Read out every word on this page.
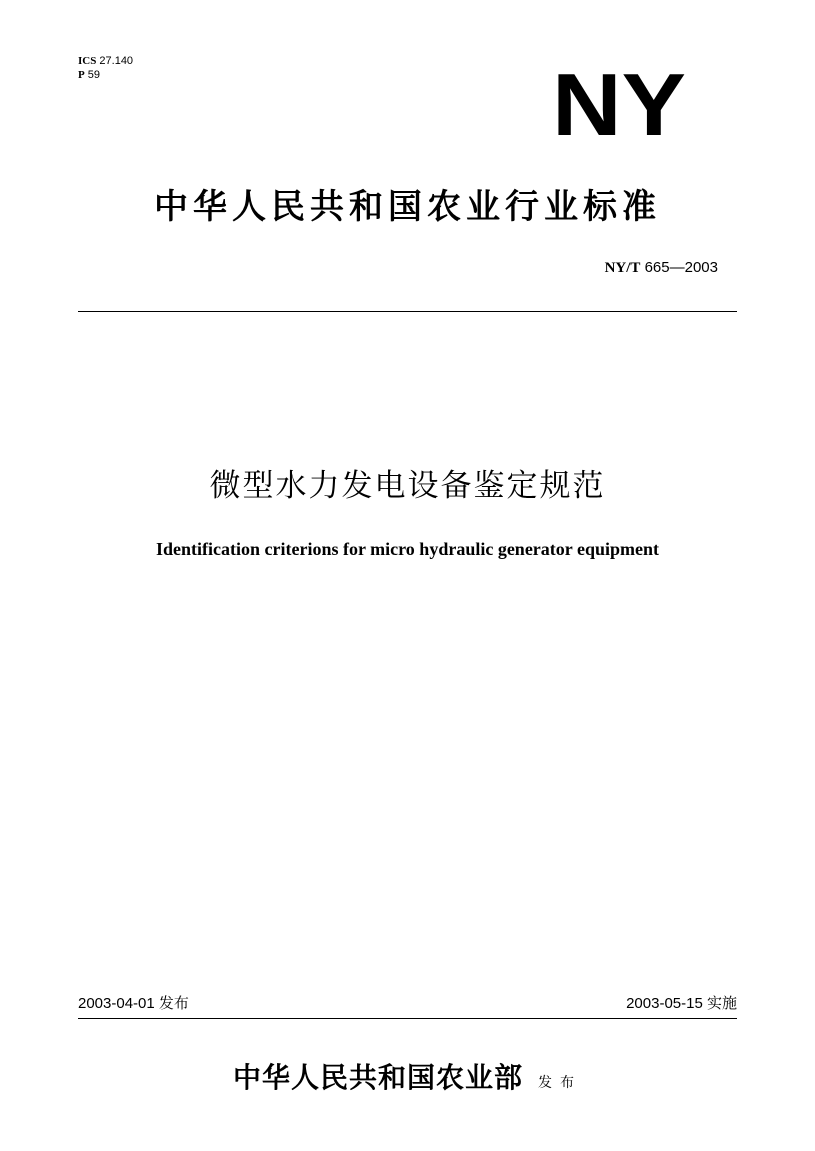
ICS 27.140
P 59	NY
中华人民共和国农业行业标准
NY/T 665—2003
微型水力发电设备鉴定规范
Identification criterions for micro hydraulic generator equipment
2003-04-01 发布	2003-05-15 实施
中华人民共和国农业部 发布
